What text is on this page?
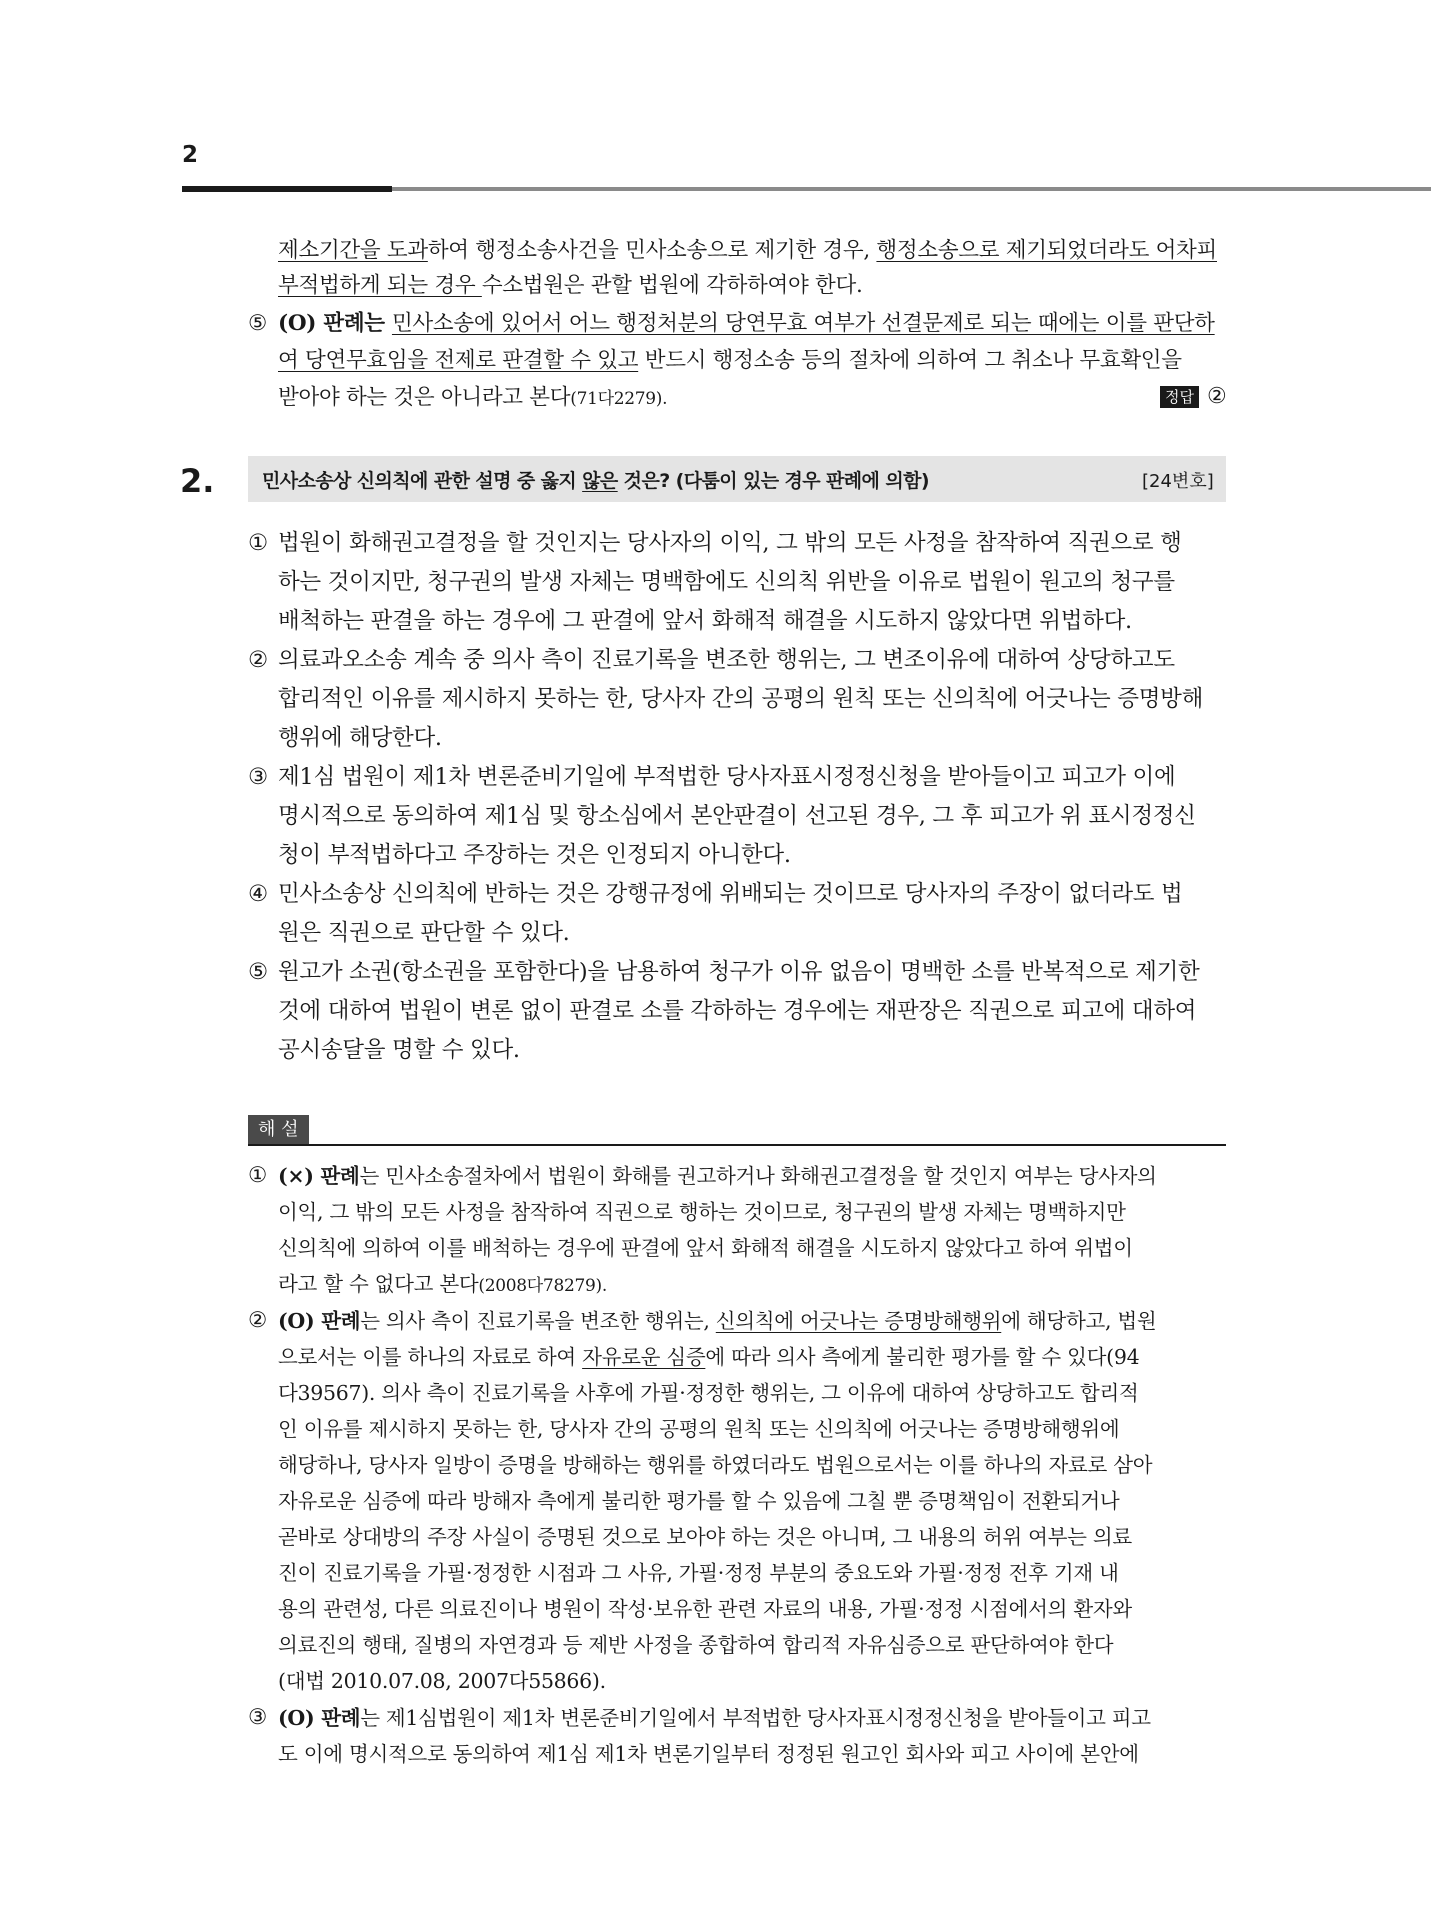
2
제소기간을 도과하여 행정소송사건을 민사소송으로 제기한 경우, 행정소송으로 제기되었더라도 어차피
부적법하게 되는 경우 수소법원은 관할 법원에 각하하여야 한다.
⑤ (O) 판례는 민사소송에 있어서 어느 행정처분의 당연무효 여부가 선결문제로 되는 때에는 이를 판단하
여 당연무효임을 전제로 판결할 수 있고 반드시 행정소송 등의 절차에 의하여 그 취소나 무효확인을
받아야 하는 것은 아니라고 본다(71다2279).	정답 ②
2.	민사소송상 신의칙에 관한 설명 중 옳지 않은 것은? (다툼이 있는 경우 판례에 의함)	[24변호]
① 법원이 화해권고결정을 할 것인지는 당사자의 이익, 그 밖의 모든 사정을 참작하여 직권으로 행
하는 것이지만, 청구권의 발생 자체는 명백함에도 신의칙 위반을 이유로 법원이 원고의 청구를
배척하는 판결을 하는 경우에 그 판결에 앞서 화해적 해결을 시도하지 않았다면 위법하다.
② 의료과오소송 계속 중 의사 측이 진료기록을 변조한 행위는, 그 변조이유에 대하여 상당하고도
합리적인 이유를 제시하지 못하는 한, 당사자 간의 공평의 원칙 또는 신의칙에 어긋나는 증명방해
행위에 해당한다.
③ 제1심 법원이 제1차 변론준비기일에 부적법한 당사자표시정정신청을 받아들이고 피고가 이에
명시적으로 동의하여 제1심 및 항소심에서 본안판결이 선고된 경우, 그 후 피고가 위 표시정정신
청이 부적법하다고 주장하는 것은 인정되지 아니한다.
④ 민사소송상 신의칙에 반하는 것은 강행규정에 위배되는 것이므로 당사자의 주장이 없더라도 법
원은 직권으로 판단할 수 있다.
⑤ 원고가 소권(항소권을 포함한다)을 남용하여 청구가 이유 없음이 명백한 소를 반복적으로 제기한
것에 대하여 법원이 변론 없이 판결로 소를 각하하는 경우에는 재판장은 직권으로 피고에 대하여
공시송달을 명할 수 있다.
해 설
① (×) 판례는 민사소송절차에서 법원이 화해를 권고하거나 화해권고결정을 할 것인지 여부는 당사자의
이익, 그 밖의 모든 사정을 참작하여 직권으로 행하는 것이므로, 청구권의 발생 자체는 명백하지만
신의칙에 의하여 이를 배척하는 경우에 판결에 앞서 화해적 해결을 시도하지 않았다고 하여 위법이
라고 할 수 없다고 본다(2008다78279).
② (O) 판례는 의사 측이 진료기록을 변조한 행위는, 신의칙에 어긋나는 증명방해행위에 해당하고, 법원
으로서는 이를 하나의 자료로 하여 자유로운 심증에 따라 의사 측에게 불리한 평가를 할 수 있다(94
다39567). 의사 측이 진료기록을 사후에 가필·정정한 행위는, 그 이유에 대하여 상당하고도 합리적
인 이유를 제시하지 못하는 한, 당사자 간의 공평의 원칙 또는 신의칙에 어긋나는 증명방해행위에
해당하나, 당사자 일방이 증명을 방해하는 행위를 하였더라도 법원으로서는 이를 하나의 자료로 삼아
자유로운 심증에 따라 방해자 측에게 불리한 평가를 할 수 있음에 그칠 뿐 증명책임이 전환되거나
곧바로 상대방의 주장 사실이 증명된 것으로 보아야 하는 것은 아니며, 그 내용의 허위 여부는 의료
진이 진료기록을 가필·정정한 시점과 그 사유, 가필·정정 부분의 중요도와 가필·정정 전후 기재 내
용의 관련성, 다른 의료진이나 병원이 작성·보유한 관련 자료의 내용, 가필·정정 시점에서의 환자와
의료진의 행태, 질병의 자연경과 등 제반 사정을 종합하여 합리적 자유심증으로 판단하여야 한다
(대법 2010.07.08, 2007다55866).
③ (O) 판례는 제1심법원이 제1차 변론준비기일에서 부적법한 당사자표시정정신청을 받아들이고 피고
도 이에 명시적으로 동의하여 제1심 제1차 변론기일부터 정정된 원고인 회사와 피고 사이에 본안에
